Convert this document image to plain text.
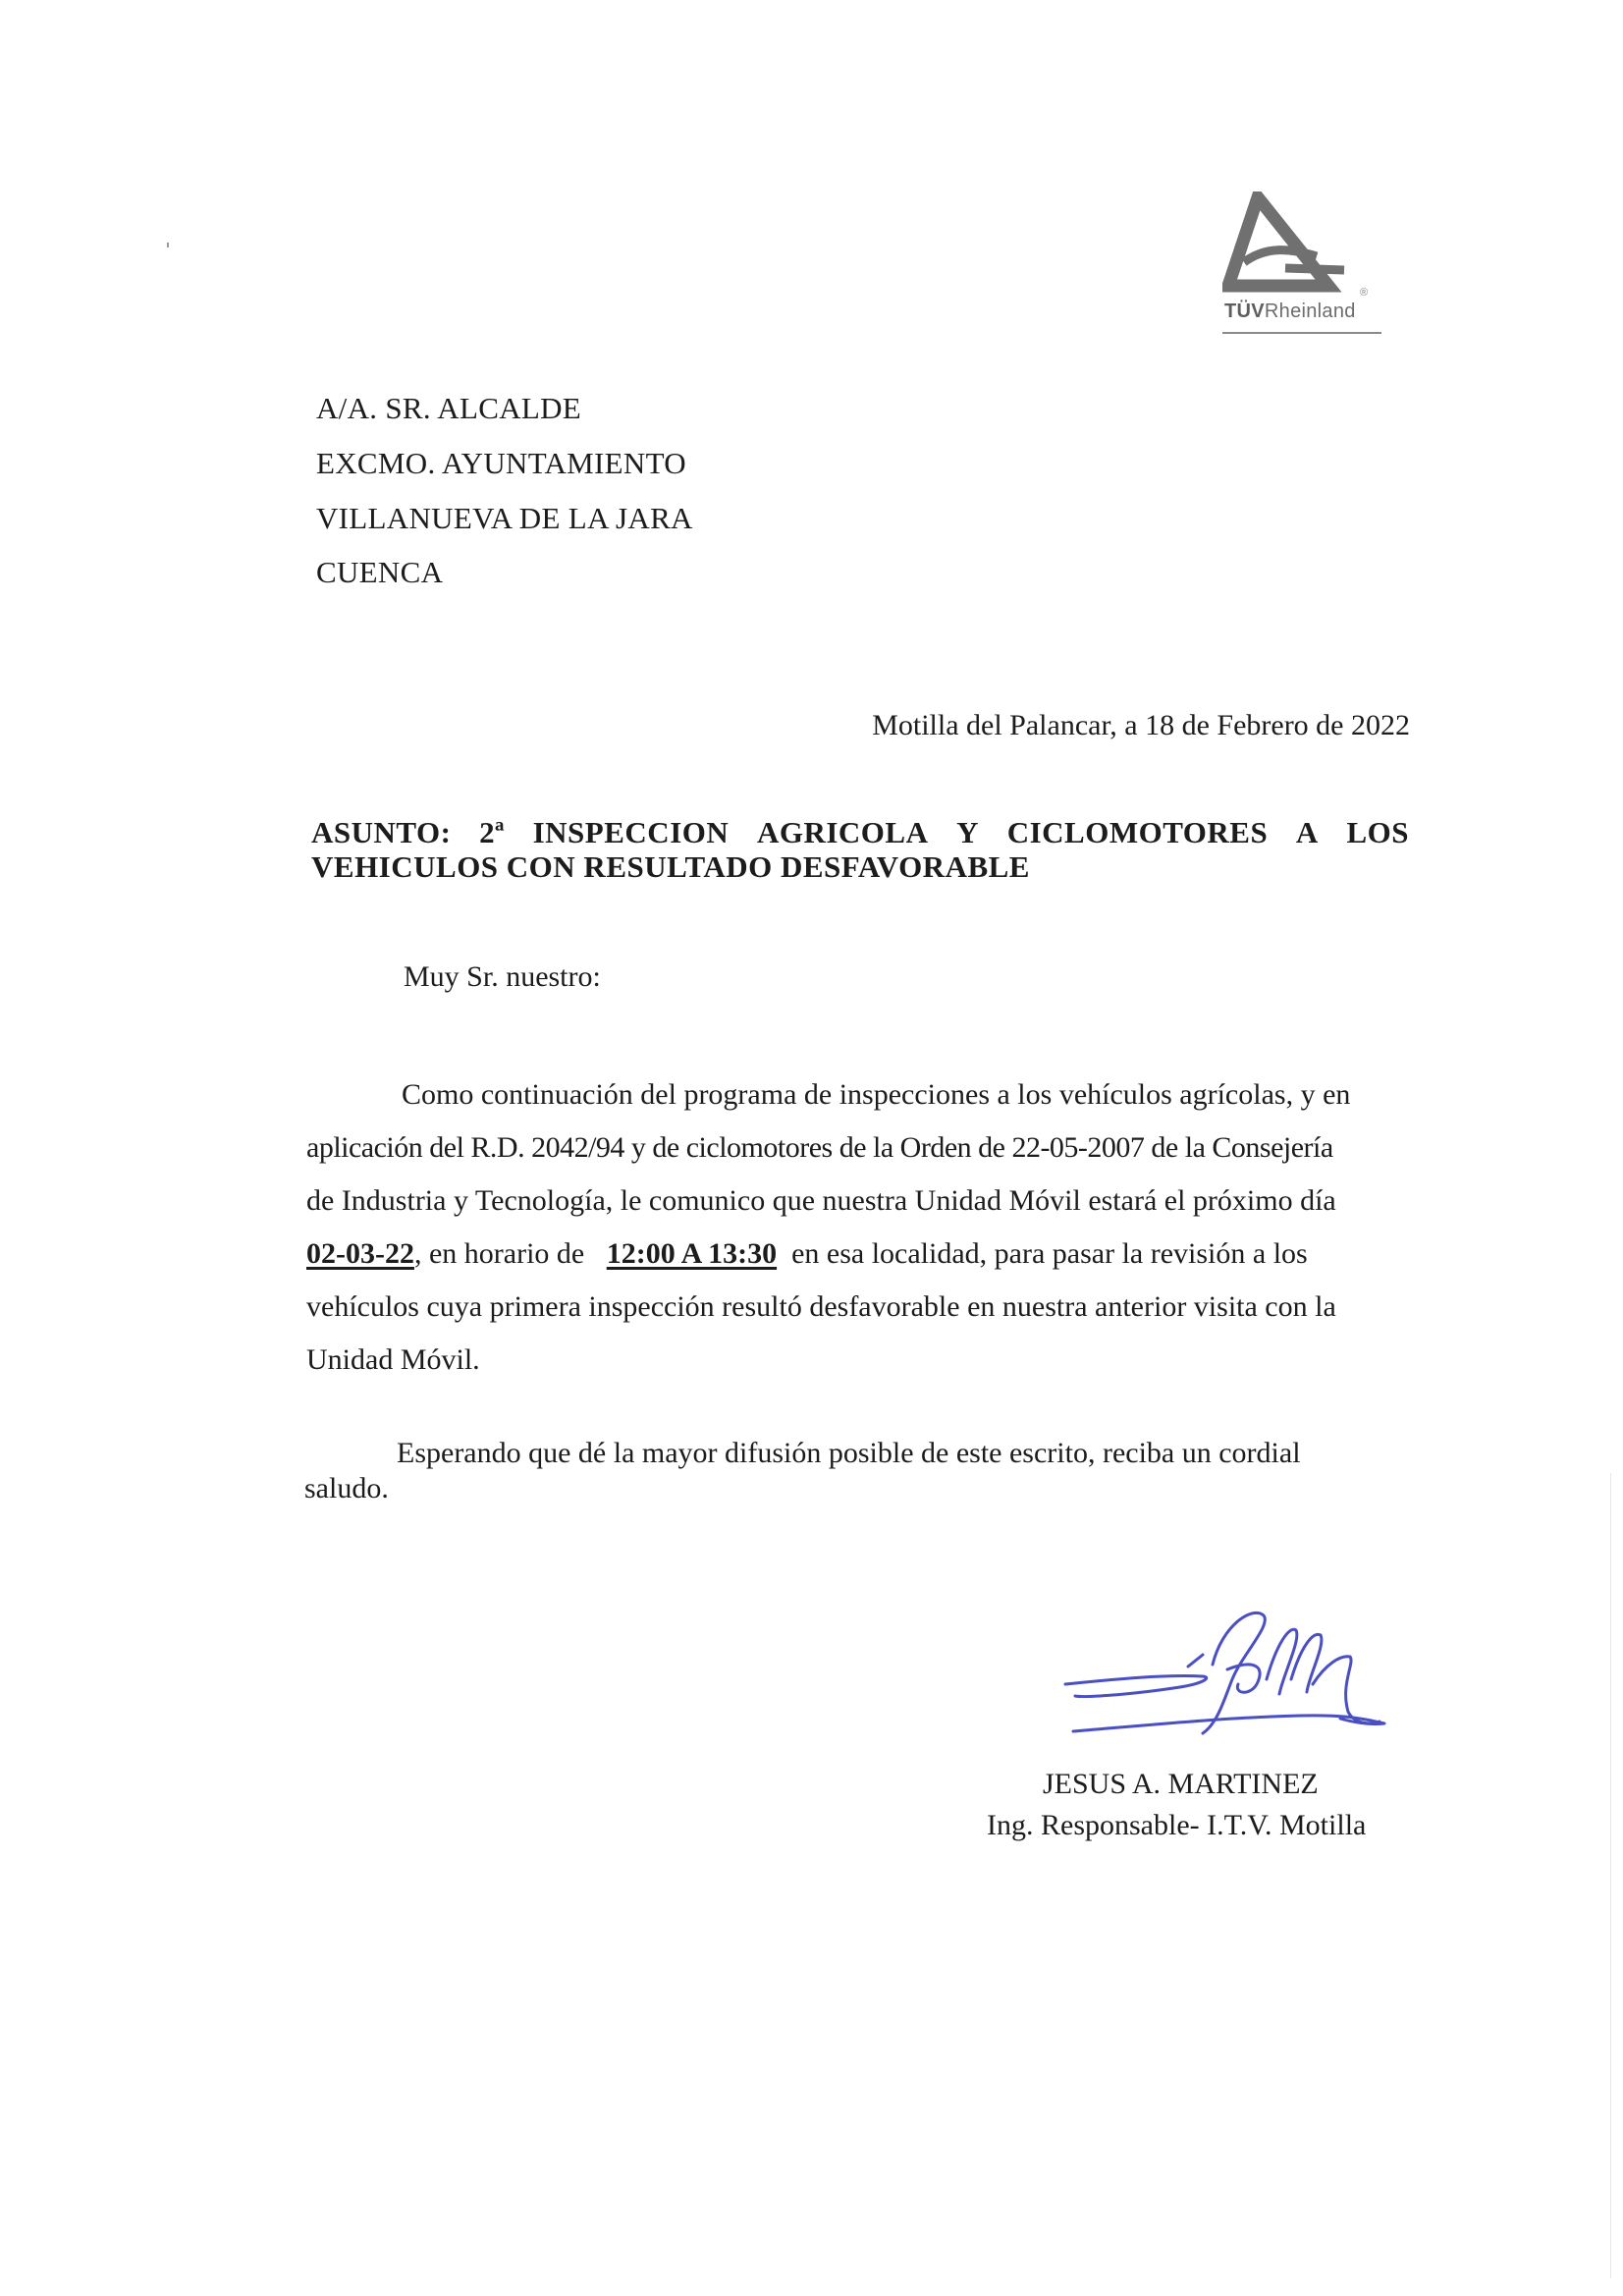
®
TÜVRheinland
A/A. SR. ALCALDE
EXCMO. AYUNTAMIENTO
VILLANUEVA DE LA JARA
CUENCA
Motilla del Palancar, a 18 de Febrero de 2022
ASUNTO: 2ª INSPECCION AGRICOLA Y CICLOMOTORES A LOS
VEHICULOS CON RESULTADO DESFAVORABLE
Muy Sr. nuestro:
Como continuación del programa de inspecciones a los vehículos agrícolas, y en
aplicación del R.D. 2042/94 y de ciclomotores de la Orden de 22-05-2007 de la Consejería
de Industria y Tecnología, le comunico que nuestra Unidad Móvil estará el próximo día
02-03-22, en horario de 12:00 A 13:30 en esa localidad, para pasar la revisión a los
vehículos cuya primera inspección resultó desfavorable en nuestra anterior visita con la
Unidad Móvil.
Esperando que dé la mayor difusión posible de este escrito, reciba un cordial
saludo.
JESUS A. MARTINEZ
Ing. Responsable- I.T.V. Motilla
